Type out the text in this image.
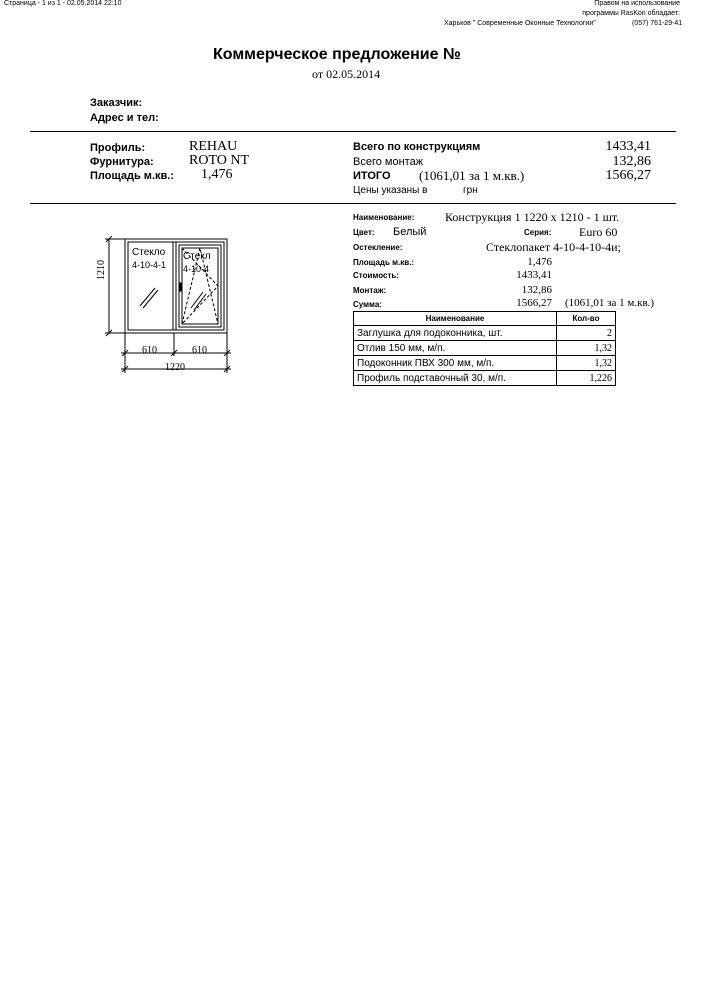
Страница - 1 из 1 - 02.05.2014 22:10	Правом на использование
программы RasKon обладает:
Харьков " Современные Оконные Технологии"	(057) 761-29-41
Коммерческое предложение №
от 02.05.2014
Заказчик:
Адрес и тел:
Профиль:	REHAU
Фурнитура:	ROTO NT
Площадь м.кв.: 1,476
Всего по конструкциям	1433,41
Всего монтаж	132,86
ИТОГО (1061,01 за 1 м.кв.)	1566,27
Цены указаны в	грн
Наименование:	Конструкция 1 1220 x 1210 - 1 шт.
Цвет: Белый	Серия: Euro 60
Остекление:	Стеклопакет 4-10-4-10-4и;
Площадь м.кв.:	1,476
Стоимость:	1433,41
Монтаж:	132,86
Сумма:	1566,27 (1061,01 за 1 м.кв.)
Наименование	Кол-во
Заглушка для подоконника, шт.	2
Отлив 150 мм, м/п.	1,32
Подоконник ПВХ 300 мм, м/п.	1,32
Профиль подставочный 30, м/п.	1,226
Стекло
4-10-4-1
Стекл
4-10-4
1210
610	610
1220
